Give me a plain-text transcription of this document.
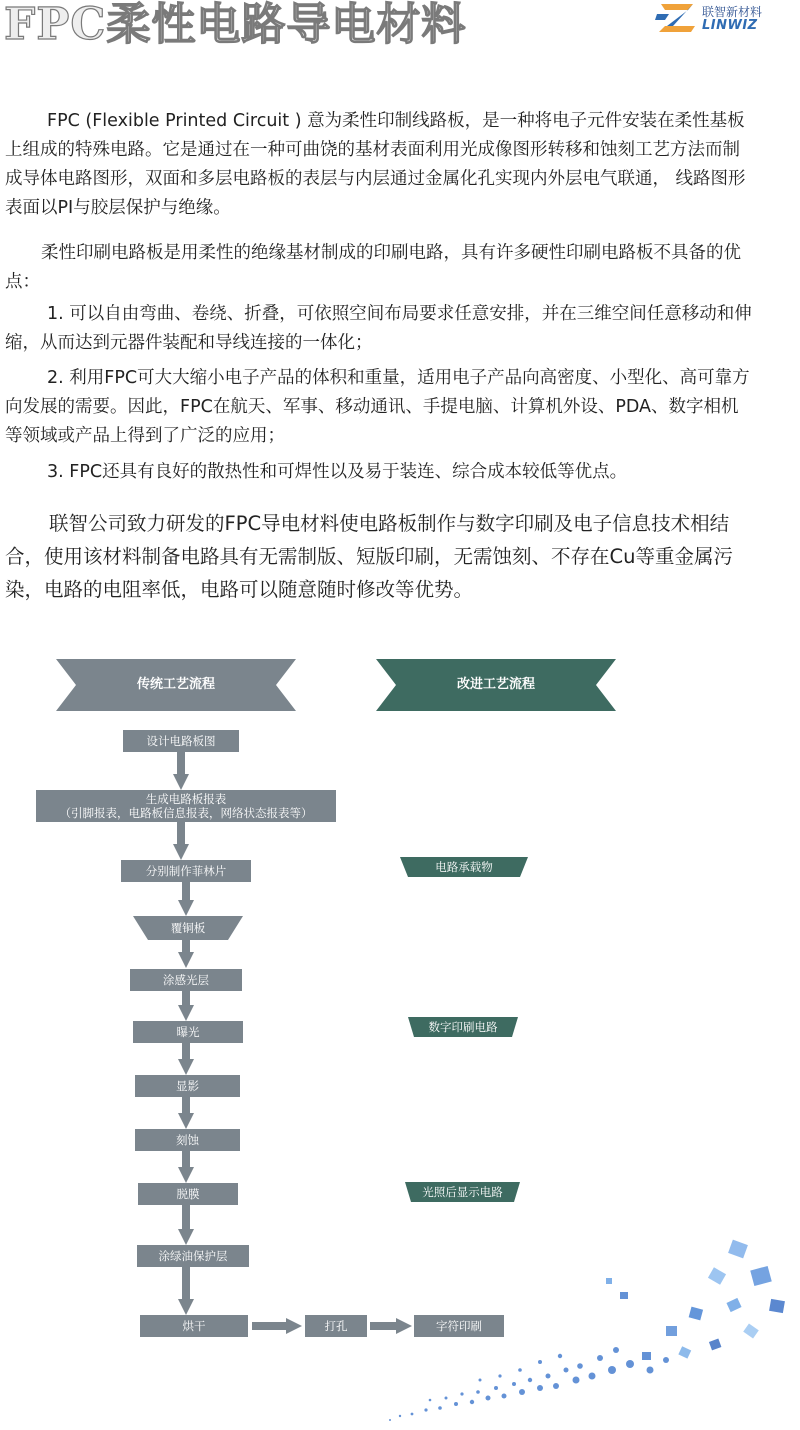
FPC柔性电路导电材料	联智新材料
LINWIZ

FPC (Flexible Printed Circuit ) 意为柔性印制线路板，是一种将电子元件安装在柔性基板上组成的特殊电路。它是通过在一种可曲饶的基材表面利用光成像图形转移和蚀刻工艺方法而制成导体电路图形，双面和多层电路板的表层与内层通过金属化孔实现内外层电气联通， 线路图形表面以PI与胶层保护与绝缘。

柔性印刷电路板是用柔性的绝缘基材制成的印刷电路，具有许多硬性印刷电路板不具备的优点：

1. 可以自由弯曲、卷绕、折叠，可依照空间布局要求任意安排，并在三维空间任意移动和伸缩，从而达到元器件装配和导线连接的一体化；

2. 利用FPC可大大缩小电子产品的体积和重量，适用电子产品向高密度、小型化、高可靠方向发展的需要。因此，FPC在航天、军事、移动通讯、手提电脑、计算机外设、PDA、数字相机等领域或产品上得到了广泛的应用；

3. FPC还具有良好的散热性和可焊性以及易于装连、综合成本较低等优点。

联智公司致力研发的FPC导电材料使电路板制作与数字印刷及电子信息技术相结合，使用该材料制备电路具有无需制版、短版印刷，无需蚀刻、不存在Cu等重金属污染，电路的电阻率低，电路可以随意随时修改等优势。

传统工艺流程	改进工艺流程
设计电路板图
生成电路板报表
（引脚报表，电路板信息报表，网络状态报表等）
分别制作菲林片
覆铜板
涂感光层
曝光
显影
刻蚀
脱膜
涂绿油保护层
烘干	打孔	字符印刷
电路承载物
数字印刷电路
光照后显示电路
